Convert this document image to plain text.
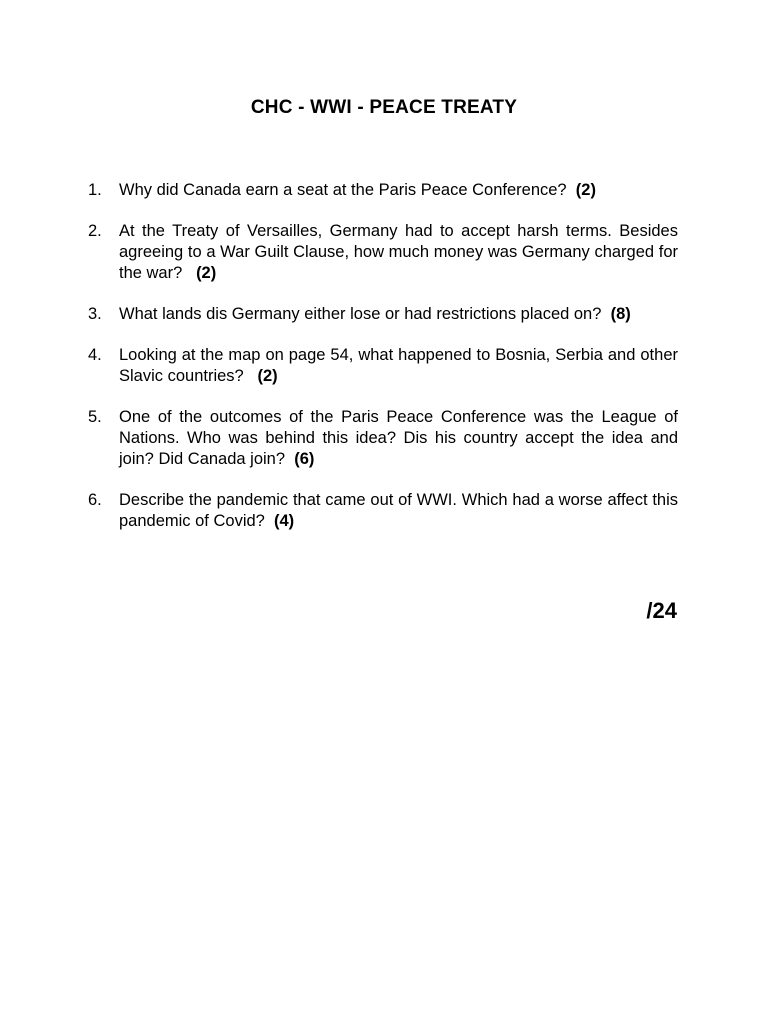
CHC - WWI - PEACE TREATY
1. Why did Canada earn a seat at the Paris Peace Conference? (2)
2. At the Treaty of Versailles, Germany had to accept harsh terms. Besides agreeing to a War Guilt Clause, how much money was Germany charged for the war? (2)
3. What lands dis Germany either lose or had restrictions placed on? (8)
4. Looking at the map on page 54, what happened to Bosnia, Serbia and other Slavic countries? (2)
5. One of the outcomes of the Paris Peace Conference was the League of Nations. Who was behind this idea? Dis his country accept the idea and join? Did Canada join? (6)
6. Describe the pandemic that came out of WWI. Which had a worse affect this pandemic of Covid? (4)
/24
